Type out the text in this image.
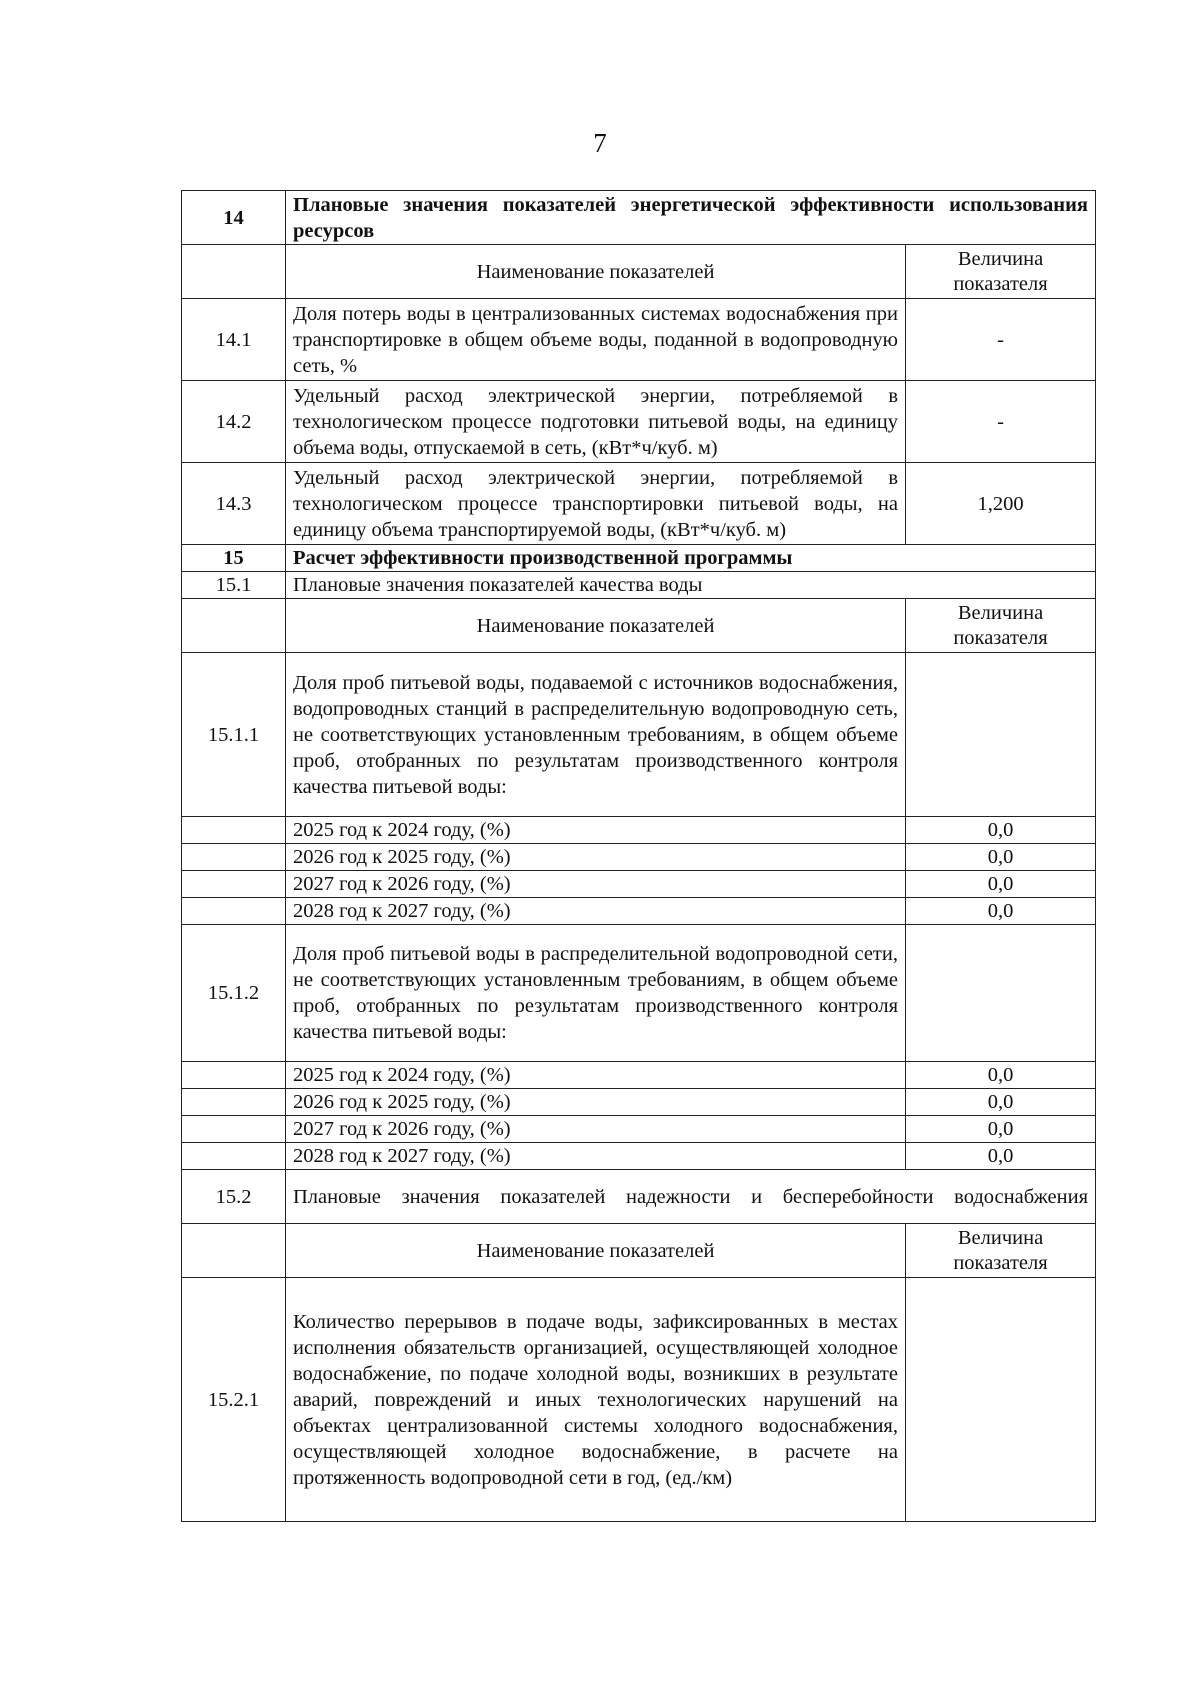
7
14	Плановые значения показателей энергетической эффективности использования ресурсов	
	Наименование показателей	Величина показателя
14.1	Доля потерь воды в централизованных системах водоснабжения при транспортировке в общем объеме воды, поданной в водопроводную сеть, %	-
14.2	Удельный расход электрической энергии, потребляемой в технологическом процессе подготовки питьевой воды, на единицу объема воды, отпускаемой в сеть, (кВт*ч/куб. м)	-
14.3	Удельный расход электрической энергии, потребляемой в технологическом процессе транспортировки питьевой воды, на единицу объема транспортируемой воды, (кВт*ч/куб. м)	1,200
15	Расчет эффективности производственной программы	
15.1	Плановые значения показателей качества воды	
	Наименование показателей	Величина показателя
15.1.1	Доля проб питьевой воды, подаваемой с источников водоснабжения, водопроводных станций в распределительную водопроводную сеть, не соответствующих установленным требованиям, в общем объеме проб, отобранных по результатам производственного контроля качества питьевой воды:	
	2025 год к 2024 году, (%)	0,0
	2026 год к 2025 году, (%)	0,0
	2027 год к 2026 году, (%)	0,0
	2028 год к 2027 году, (%)	0,0
15.1.2	Доля проб питьевой воды в распределительной водопроводной сети, не соответствующих установленным требованиям, в общем объеме проб, отобранных по результатам производственного контроля качества питьевой воды:	
	2025 год к 2024 году, (%)	0,0
	2026 год к 2025 году, (%)	0,0
	2027 год к 2026 году, (%)	0,0
	2028 год к 2027 году, (%)	0,0
15.2	Плановые значения показателей надежности и бесперебойности водоснабжения	
	Наименование показателей	Величина показателя
15.2.1	Количество перерывов в подаче воды, зафиксированных в местах исполнения обязательств организацией, осуществляющей холодное водоснабжение, по подаче холодной воды, возникших в результате аварий, повреждений и иных технологических нарушений на объектах централизованной системы холодного водоснабжения, осуществляющей холодное водоснабжение, в расчете на протяженность водопроводной сети в год, (ед./км)	
